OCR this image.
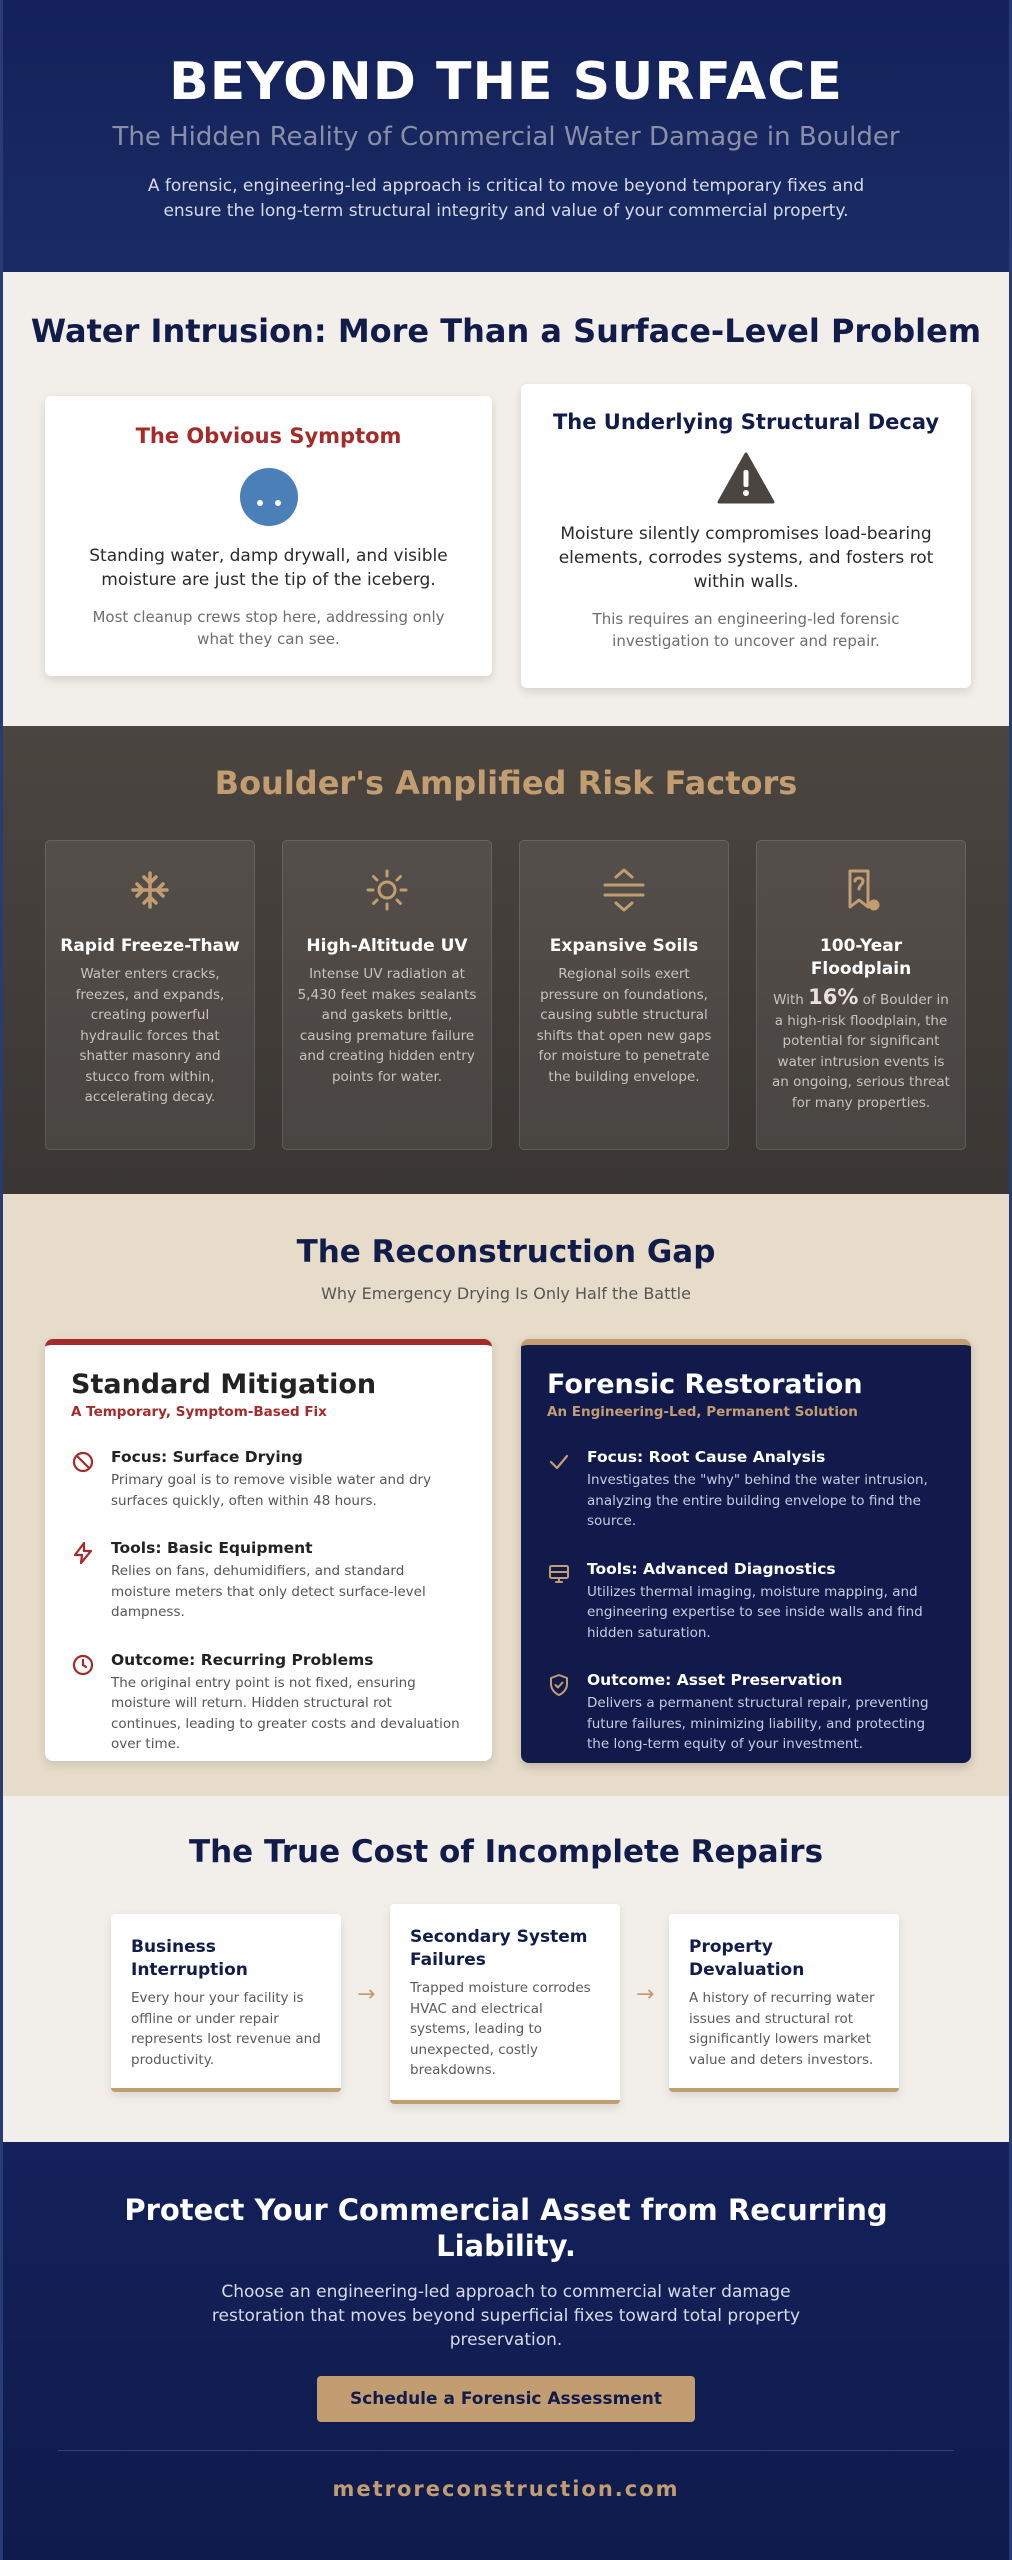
BEYOND THE SURFACE
The Hidden Reality of Commercial Water Damage in Boulder

A forensic, engineering-led approach is critical to move beyond temporary fixes and ensure the long-term structural integrity and value of your commercial property.

Water Intrusion: More Than a Surface-Level Problem
The Obvious Symptom

Standing water, damp drywall, and visible moisture are just the tip of the iceberg.

Most cleanup crews stop here, addressing only what they can see.

The Underlying Structural Decay

Moisture silently compromises load-bearing elements, corrodes systems, and fosters rot within walls.

This requires an engineering-led forensic investigation to uncover and repair.

Boulder's Amplified Risk Factors
Rapid Freeze-Thaw

Water enters cracks, freezes, and expands, creating powerful hydraulic forces that shatter masonry and stucco from within, accelerating decay.

High-Altitude UV

Intense UV radiation at 5,430 feet makes sealants and gaskets brittle, causing premature failure and creating hidden entry points for water.

Expansive Soils

Regional soils exert pressure on foundations, causing subtle structural shifts that open new gaps for moisture to penetrate the building envelope.

100-Year Floodplain

With 16% of Boulder in a high-risk floodplain, the potential for significant water intrusion events is an ongoing, serious threat for many properties.

The Reconstruction Gap
Why Emergency Drying Is Only Half the Battle
Standard Mitigation
A Temporary, Symptom-Based Fix
Focus: Surface Drying

Primary goal is to remove visible water and dry surfaces quickly, often within 48 hours.

Tools: Basic Equipment

Relies on fans, dehumidifiers, and standard moisture meters that only detect surface-level dampness.

Outcome: Recurring Problems

The original entry point is not fixed, ensuring moisture will return. Hidden structural rot continues, leading to greater costs and devaluation over time.

Forensic Restoration
An Engineering-Led, Permanent Solution
Focus: Root Cause Analysis

Investigates the "why" behind the water intrusion, analyzing the entire building envelope to find the source.

Tools: Advanced Diagnostics

Utilizes thermal imaging, moisture mapping, and engineering expertise to see inside walls and find hidden saturation.

Outcome: Asset Preservation

Delivers a permanent structural repair, preventing future failures, minimizing liability, and protecting the long-term equity of your investment.

The True Cost of Incomplete Repairs
Business Interruption

Every hour your facility is offline or under repair represents lost revenue and productivity.

→
Secondary System Failures

Trapped moisture corrodes HVAC and electrical systems, leading to unexpected, costly breakdowns.

→
Property Devaluation

A history of recurring water issues and structural rot significantly lowers market value and deters investors.

Protect Your Commercial Asset from Recurring Liability.

Choose an engineering-led approach to commercial water damage restoration that moves beyond superficial fixes toward total property preservation.

Schedule a Forensic Assessment
metroreconstruction.com
